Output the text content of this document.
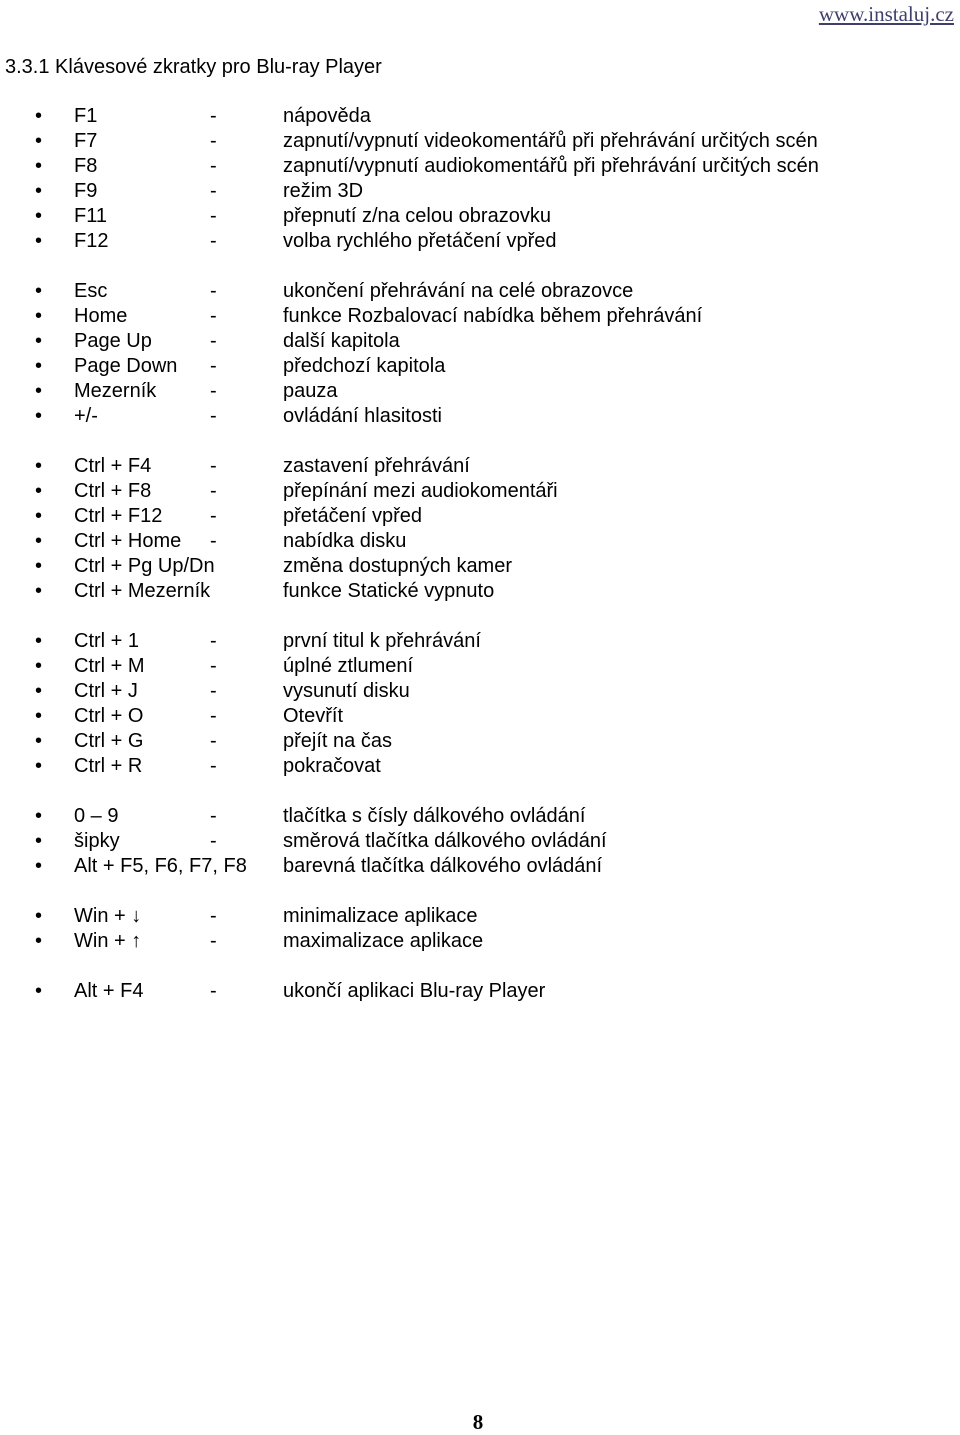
www.instaluj.cz
3.3.1 Klávesové zkratky pro Blu-ray Player
• F1	-	nápověda
• F7	-	zapnutí/vypnutí videokomentářů při přehrávání určitých scén
• F8	-	zapnutí/vypnutí audiokomentářů při přehrávání určitých scén
• F9	-	režim 3D
• F11	-	přepnutí z/na celou obrazovku
• F12	-	volba rychlého přetáčení vpřed
• Esc	-	ukončení přehrávání na celé obrazovce
• Home	-	funkce Rozbalovací nabídka během přehrávání
• Page Up	-	další kapitola
• Page Down -	předchozí kapitola
• Mezerník	-	pauza
• +/-	-	ovládání hlasitosti
• Ctrl + F4	-	zastavení přehrávání
• Ctrl + F8	-	přepínání mezi audiokomentáři
• Ctrl + F12 -	přetáčení vpřed
• Ctrl + Home -	nabídka disku
• Ctrl + Pg Up/Dn	změna dostupných kamer
• Ctrl + Mezerník	funkce Statické vypnuto
• Ctrl + 1	-	první titul k přehrávání
• Ctrl + M	-	úplné ztlumení
• Ctrl + J	-	vysunutí disku
• Ctrl + O	-	Otevřít
• Ctrl + G	-	přejít na čas
• Ctrl + R	-	pokračovat
• 0 – 9	-	tlačítka s čísly dálkového ovládání
• šipky	-	směrová tlačítka dálkového ovládání
• Alt + F5, F6, F7, F8 barevná tlačítka dálkového ovládání
• Win + ↓	-	minimalizace aplikace
• Win + ↑	-	maximalizace aplikace
• Alt + F4	-	ukončí aplikaci Blu-ray Player
8
